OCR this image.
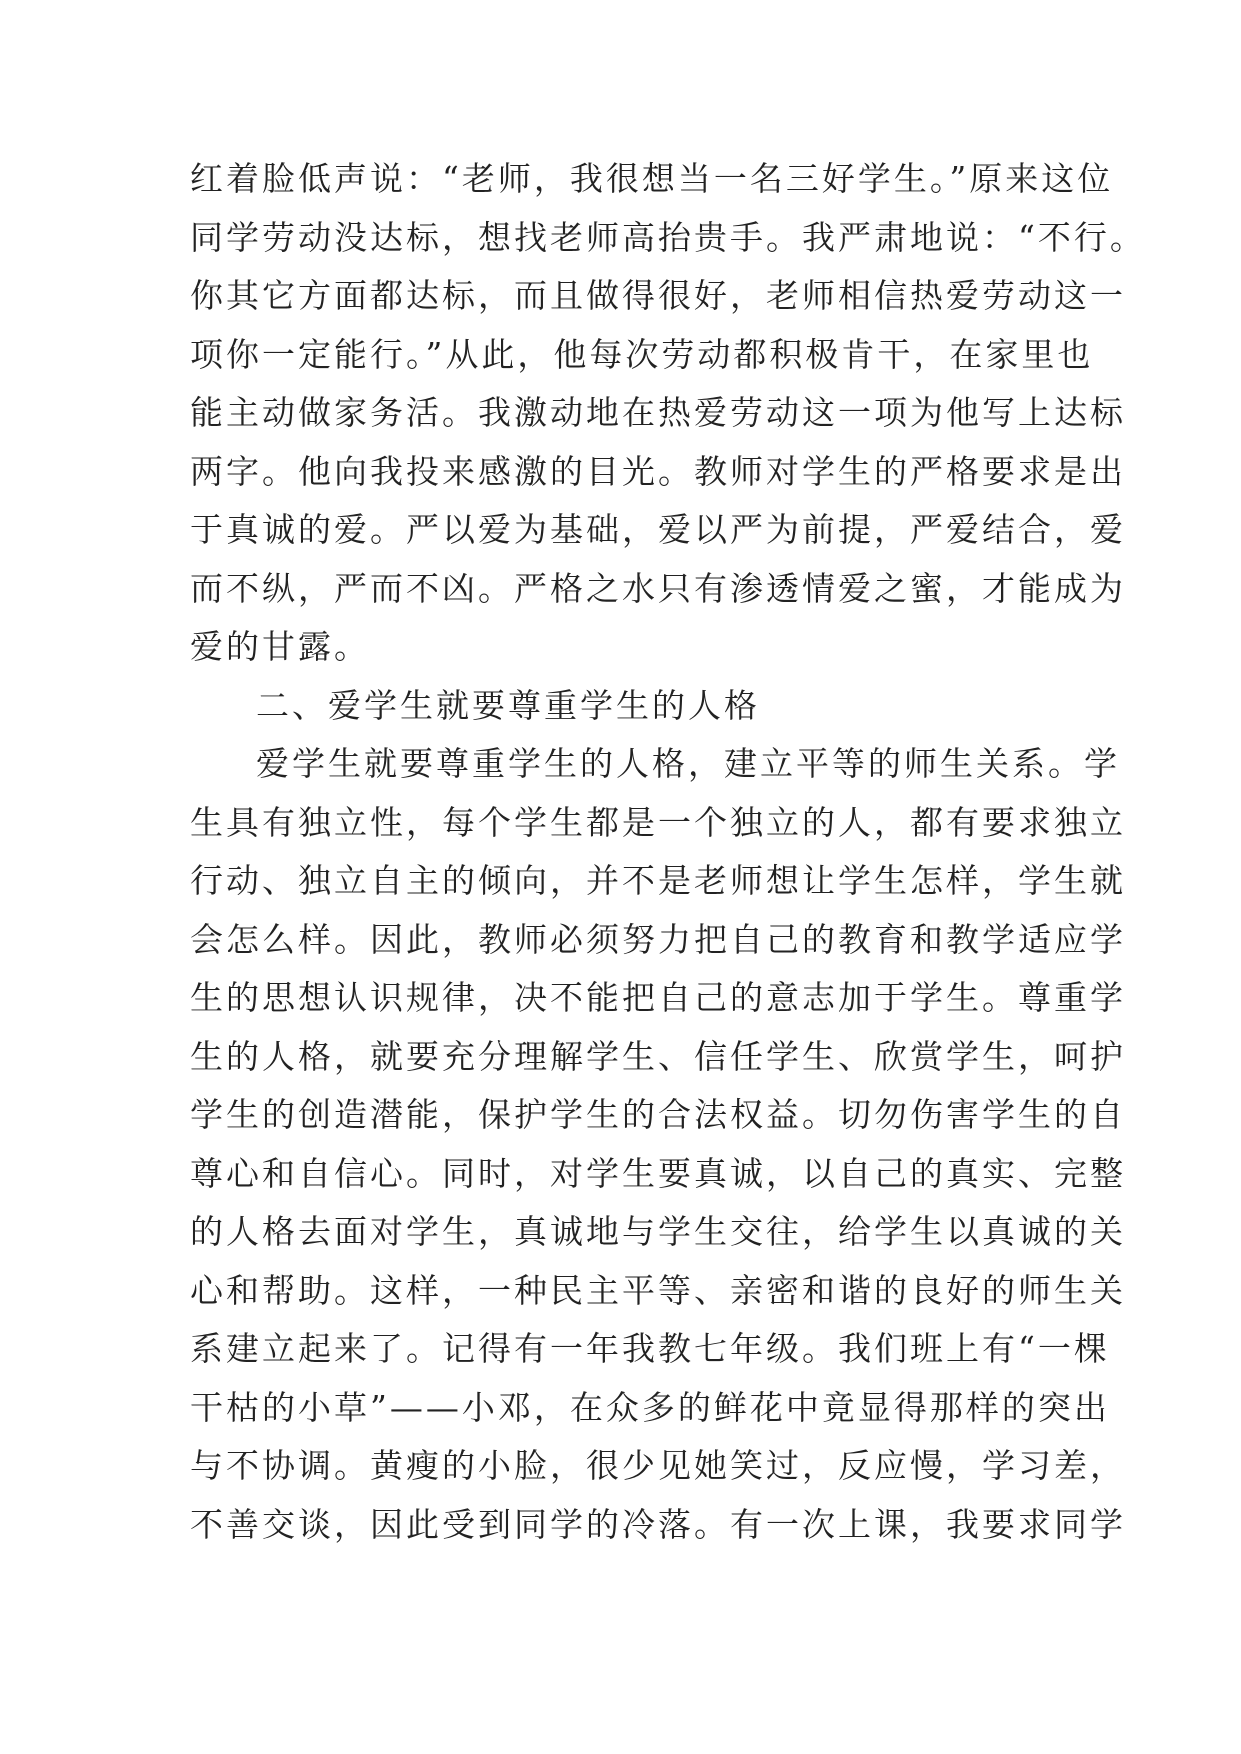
红着脸低声说：“老师，我很想当一名三好学生。”原来这位
同学劳动没达标，想找老师高抬贵手。我严肃地说：“不行。
你其它方面都达标，而且做得很好，老师相信热爱劳动这一
项你一定能行。”从此，他每次劳动都积极肯干，在家里也
能主动做家务活。我激动地在热爱劳动这一项为他写上达标
两字。他向我投来感激的目光。教师对学生的严格要求是出
于真诚的爱。严以爱为基础，爱以严为前提，严爱结合，爱
而不纵，严而不凶。严格之水只有渗透情爱之蜜，才能成为
爱的甘露。
二、爱学生就要尊重学生的人格
爱学生就要尊重学生的人格，建立平等的师生关系。学
生具有独立性，每个学生都是一个独立的人，都有要求独立
行动、独立自主的倾向，并不是老师想让学生怎样，学生就
会怎么样。因此，教师必须努力把自己的教育和教学适应学
生的思想认识规律，决不能把自己的意志加于学生。尊重学
生的人格，就要充分理解学生、信任学生、欣赏学生，呵护
学生的创造潜能，保护学生的合法权益。切勿伤害学生的自
尊心和自信心。同时，对学生要真诚，以自己的真实、完整
的人格去面对学生，真诚地与学生交往，给学生以真诚的关
心和帮助。这样，一种民主平等、亲密和谐的良好的师生关
系建立起来了。记得有一年我教七年级。我们班上有“一棵
干枯的小草”——小邓，在众多的鲜花中竟显得那样的突出
与不协调。黄瘦的小脸，很少见她笑过，反应慢，学习差，
不善交谈，因此受到同学的冷落。有一次上课，我要求同学
